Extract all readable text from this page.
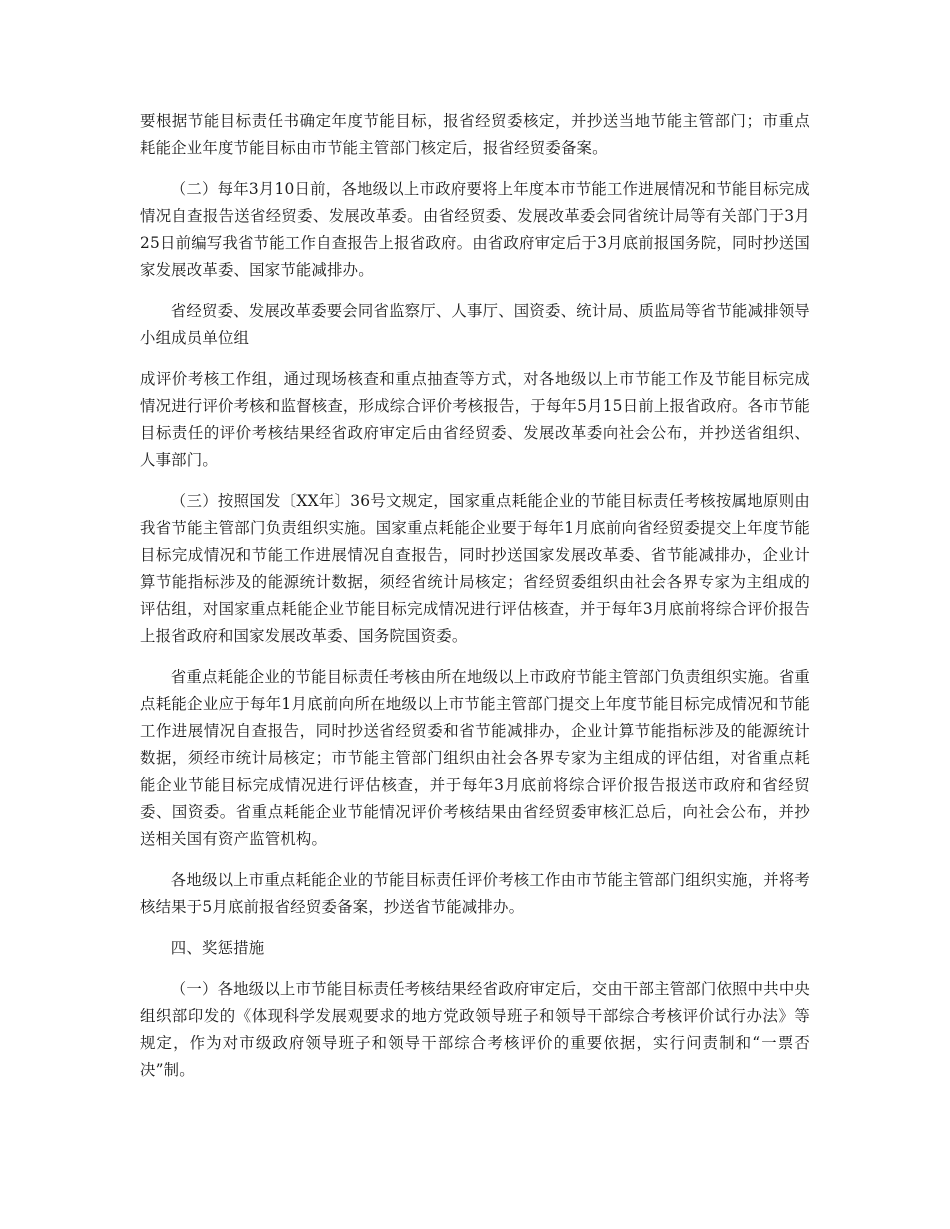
要根据节能目标责任书确定年度节能目标，报省经贸委核定，并抄送当地节能主管部门；市重点耗能企业年度节能目标由市节能主管部门核定后，报省经贸委备案。

（二）每年3月10日前，各地级以上市政府要将上年度本市节能工作进展情况和节能目标完成情况自查报告送省经贸委、发展改革委。由省经贸委、发展改革委会同省统计局等有关部门于3月25日前编写我省节能工作自查报告上报省政府。由省政府审定后于3月底前报国务院，同时抄送国家发展改革委、国家节能减排办。

省经贸委、发展改革委要会同省监察厅、人事厅、国资委、统计局、质监局等省节能减排领导小组成员单位组

成评价考核工作组，通过现场核查和重点抽查等方式，对各地级以上市节能工作及节能目标完成情况进行评价考核和监督核查，形成综合评价考核报告，于每年5月15日前上报省政府。各市节能目标责任的评价考核结果经省政府审定后由省经贸委、发展改革委向社会公布，并抄送省组织、人事部门。

（三）按照国发〔XX年〕36号文规定，国家重点耗能企业的节能目标责任考核按属地原则由我省节能主管部门负责组织实施。国家重点耗能企业要于每年1月底前向省经贸委提交上年度节能目标完成情况和节能工作进展情况自查报告，同时抄送国家发展改革委、省节能减排办，企业计算节能指标涉及的能源统计数据，须经省统计局核定；省经贸委组织由社会各界专家为主组成的评估组，对国家重点耗能企业节能目标完成情况进行评估核查，并于每年3月底前将综合评价报告上报省政府和国家发展改革委、国务院国资委。

省重点耗能企业的节能目标责任考核由所在地级以上市政府节能主管部门负责组织实施。省重点耗能企业应于每年1月底前向所在地级以上市节能主管部门提交上年度节能目标完成情况和节能工作进展情况自查报告，同时抄送省经贸委和省节能减排办，企业计算节能指标涉及的能源统计数据，须经市统计局核定；市节能主管部门组织由社会各界专家为主组成的评估组，对省重点耗能企业节能目标完成情况进行评估核查，并于每年3月底前将综合评价报告报送市政府和省经贸委、国资委。省重点耗能企业节能情况评价考核结果由省经贸委审核汇总后，向社会公布，并抄送相关国有资产监管机构。

各地级以上市重点耗能企业的节能目标责任评价考核工作由市节能主管部门组织实施，并将考核结果于5月底前报省经贸委备案，抄送省节能减排办。

四、奖惩措施

（一）各地级以上市节能目标责任考核结果经省政府审定后，交由干部主管部门依照中共中央组织部印发的《体现科学发展观要求的地方党政领导班子和领导干部综合考核评价试行办法》等规定，作为对市级政府领导班子和领导干部综合考核评价的重要依据，实行问责制和“一票否决”制。
